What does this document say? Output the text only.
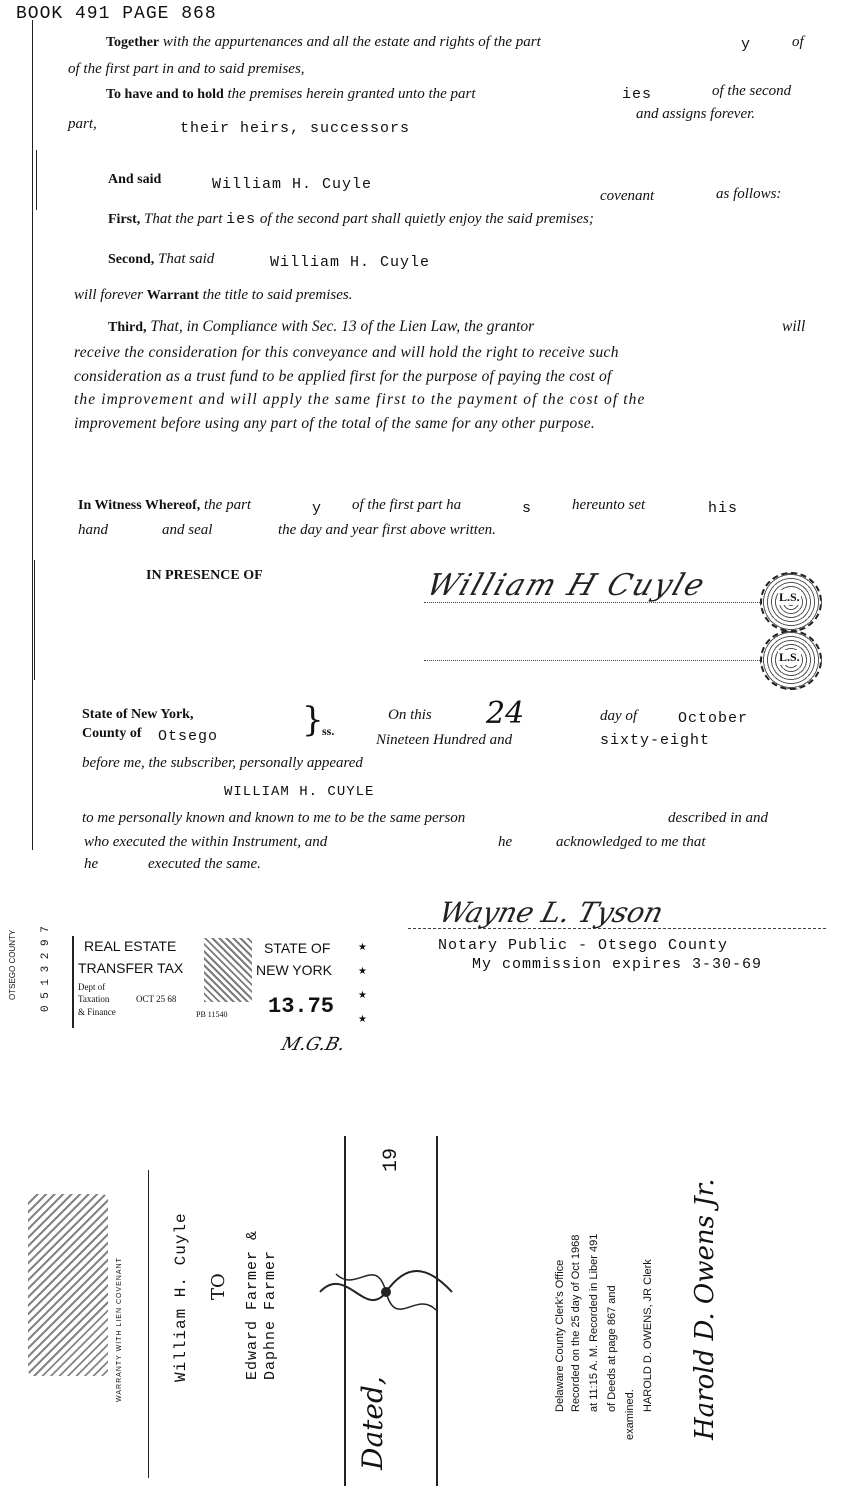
BOOK 491 PAGE 868
Together with the appurtenances and all the estate and rights of the part	y	of
of the first part in and to said premises,
To have and to hold the premises herein granted unto the part	ies	of the second
part,	their heirs, successors
and assigns forever.
And said	William H. Cuyle
covenant	as follows:
First, That the part ies of the second part shall quietly enjoy the said premises;
Second, That said	William H. Cuyle
will forever Warrant the title to said premises.
Third, That, in Compliance with Sec. 13 of the Lien Law, the grantor	will
receive the consideration for this conveyance and will hold the right to receive such
consideration as a trust fund to be applied first for the purpose of paying the cost of
the improvement and will apply the same first to the payment of the cost of the
improvement before using any part of the total of the same for any other purpose.
In Witness Whereof, the part	y of the first part ha	s	hereunto set	his
hand	and seal	the day and year first above written.
IN PRESENCE OF	William H Cuyle	L.S.
L.S.
State of New York,
County of Otsego }
ss.
On this 24	day of	October
Nineteen Hundred and	sixty-eight
before me, the subscriber, personally appeared
WILLIAM H. CUYLE
to me personally known and known to me to be the same person	described in and
who executed the within Instrument, and	he	acknowledged to me that
he	executed the same.
Wayne L. Tyson
Notary Public - Otsego County
My commission expires 3-30-69
OTSEGO COUNTY 0 5 1 3 2 9 7 REAL ESTATE	STATE OF
TRANSFER TAX	NEW YORK
Dept of
Taxation	OCT 25 68
& Finance	PB 11540 13.75
★
★
★
★
M.G.B.
WARRANTY WITH LIEN COVENANT	William H. Cuyle TO Edward Farmer & Daphne Farmer
19
Dated,
Delaware County Clerk's Office Recorded on the 25 day of Oct 1968 at 11:15 A. M. Recorded in Liber 491 of Deeds at page 867 and
examined.
HAROLD D. OWENS, JR Clerk Harold D. Owens Jr.
